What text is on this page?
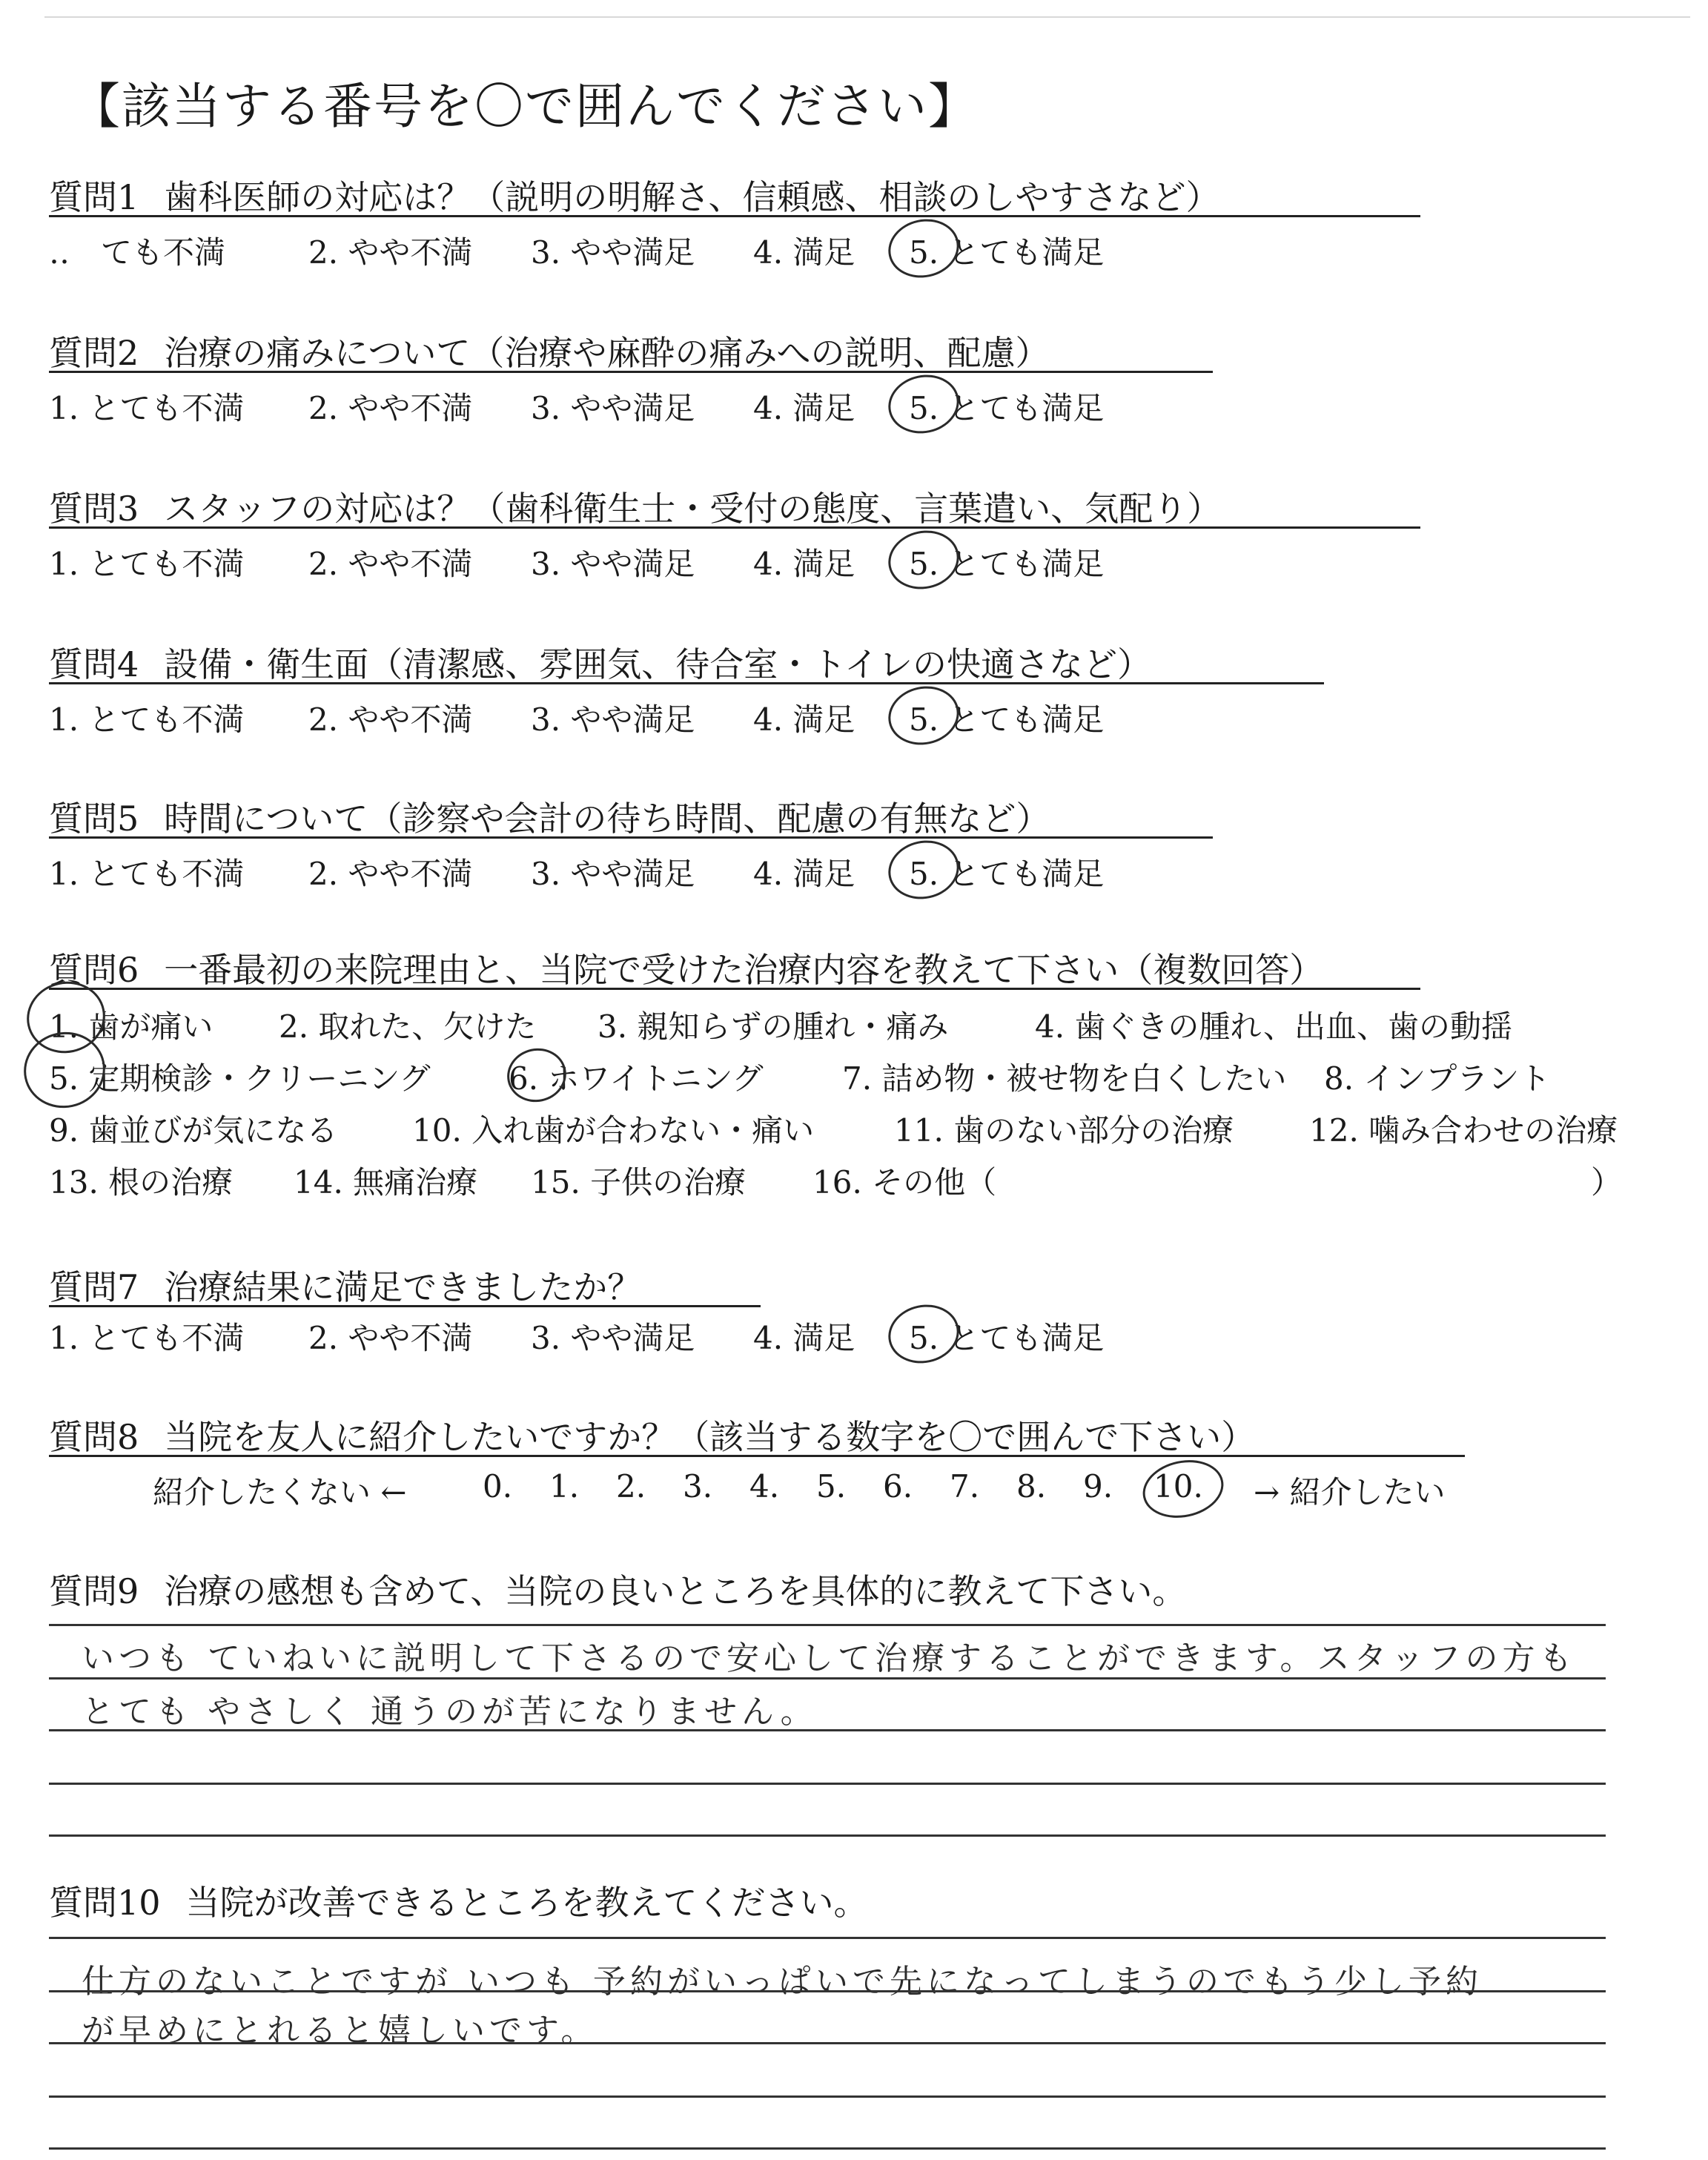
【該当する番号を〇で囲んでください】
質問1 歯科医師の対応は？（説明の明解さ、信頼感、相談のしやすさなど）
‥　ても不満	2. やや不満 3. やや満足 4. 満足 5. とても満足
質問2 治療の痛みについて（治療や麻酔の痛みへの説明、配慮）
1. とても不満 2. やや不満 3. やや満足 4. 満足 5. とても満足
質問3 スタッフの対応は？（歯科衛生士・受付の態度、言葉遣い、気配り）
1. とても不満 2. やや不満 3. やや満足 4. 満足 5. とても満足
質問4 設備・衛生面（清潔感、雰囲気、待合室・トイレの快適さなど）
1. とても不満 2. やや不満 3. やや満足 4. 満足 5. とても満足
質問5 時間について（診察や会計の待ち時間、配慮の有無など）
1. とても不満 2. やや不満 3. やや満足 4. 満足 5. とても満足
質問6 一番最初の来院理由と、当院で受けた治療内容を教えて下さい（複数回答）
1. 歯が痛い 2. 取れた、欠けた 3. 親知らずの腫れ・痛み	4. 歯ぐきの腫れ、出血、歯の動揺
5. 定期検診・クリーニング	6. ホワイトニング	7. 詰め物・被せ物を白くしたい 8. インプラント
9. 歯並びが気になる 10. 入れ歯が合わない・痛い	11. 歯のない部分の治療 12. 噛み合わせの治療
13. 根の治療 14. 無痛治療 15. 子供の治療 16. その他（	）
質問7 治療結果に満足できましたか？
1. とても不満 2. やや不満 3. やや満足 4. 満足 5. とても満足
質問8 当院を友人に紹介したいですか？（該当する数字を〇で囲んで下さい）
紹介したくない ← 0. 1. 2. 3. 4. 5. 6. 7. 8. 9. 10. → 紹介したい
質問9 治療の感想も含めて、当院の良いところを具体的に教えて下さい。
いつも ていねいに説明して下さるので安心して治療することができます。スタッフの方も
とても やさしく 通うのが苦になりません。
質問10 当院が改善できるところを教えてください。
仕方のないことですが いつも 予約がいっぱいで先になってしまうのでもう少し予約
が早めにとれると嬉しいです。
